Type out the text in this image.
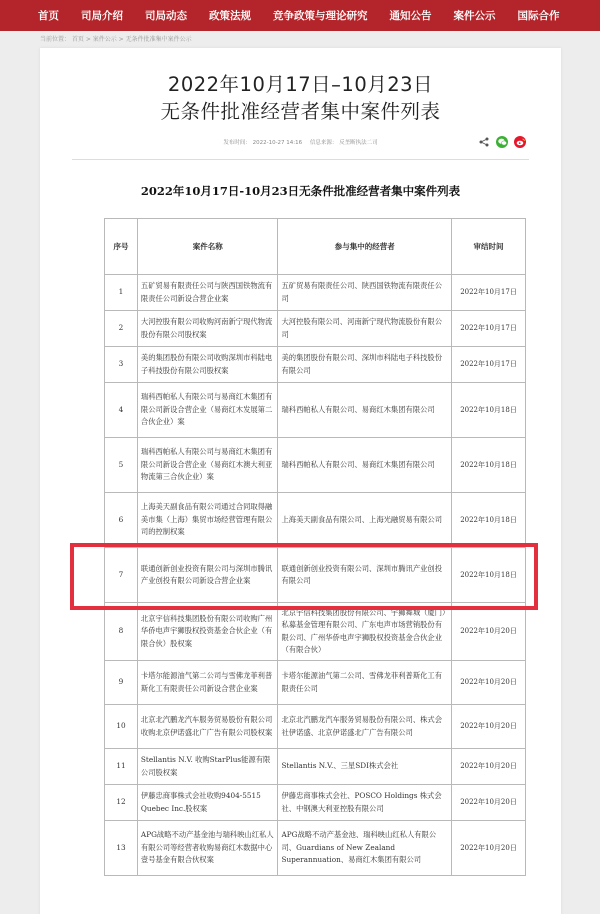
首页 司局介绍 司局动态 政策法规 竞争政策与理论研究 通知公告 案件公示 国际合作
当前位置： 首页 > 案件公示 > 无条件批准集中案件公示
2022年10月17日–10月23日
无条件批准经营者集中案件列表
发布时间： 2022-10-27 14:16 信息来源： 反垄断执法二司
2022年10月17日-10月23日无条件批准经营者集中案件列表
序号	案件名称	参与集中的经营者	审结时间
1	五矿贸易有限责任公司与陕西国铁物流有限责任公司新设合营企业案	五矿贸易有限责任公司、陕西国铁物流有限责任公司	2022年10月17日
2	大河控股有限公司收购河南新宁现代物流股份有限公司股权案	大河控股有限公司、河南新宁现代物流股份有限公司	2022年10月17日
3	美的集团股份有限公司收购深圳市科陆电子科技股份有限公司股权案	美的集团股份有限公司、深圳市科陆电子科技股份有限公司	2022年10月17日
4	瑞科西帕私人有限公司与易商红木集团有限公司新设合营企业（易商红木发展第二合伙企业）案	瑞科西帕私人有限公司、易商红木集团有限公司	2022年10月18日
5	瑞科西帕私人有限公司与易商红木集团有限公司新设合营企业（易商红木澳大利亚物流第三合伙企业）案	瑞科西帕私人有限公司、易商红木集团有限公司	2022年10月18日
6	上海美天副食品有限公司通过合同取得融美市集（上海）集贸市场经营管理有限公司的控制权案	上海美天副食品有限公司、上海光融贸易有限公司	2022年10月18日
7	联通创新创业投资有限公司与深圳市腾讯产业创投有限公司新设合营企业案	联通创新创业投资有限公司、深圳市腾讯产业创投有限公司	2022年10月18日
8	北京宇信科技集团股份有限公司收购广州华侨电声宇狮股权投资基金合伙企业（有限合伙）股权案	北京宇信科技集团股份有限公司、宇狮舞城（厦门）私募基金管理有限公司、广东电声市场营销股份有限公司、广州华侨电声宇狮股权投资基金合伙企业（有限合伙）	2022年10月20日
9	卡塔尔能源油气第二公司与雪佛龙菲利普斯化工有限责任公司新设合营企业案	卡塔尔能源油气第二公司、雪佛龙菲利普斯化工有限责任公司	2022年10月20日
10	北京北汽鹏龙汽车服务贸易股份有限公司收购北京伊诺盛北广广告有限公司股权案	北京北汽鹏龙汽车服务贸易股份有限公司、株式会社伊诺盛、北京伊诺盛北广广告有限公司	2022年10月20日
11	Stellantis N.V. 收购StarPlus能源有限公司股权案	Stellantis N.V.、三星SDI株式会社	2022年10月20日
12	伊藤忠商事株式会社收购9404-5515 Quebec Inc.股权案	伊藤忠商事株式会社、POSCO Holdings 株式会社、中钢澳大利亚控股有限公司	2022年10月20日
13	APG战略不动产基金池与瑞科映山红私人有限公司等经营者收购易商红木数据中心壹号基金有限合伙权案	APG战略不动产基金池、瑞科映山红私人有限公司、Guardians of New Zealand Superannuation、易商红木集团有限公司	2022年10月20日
